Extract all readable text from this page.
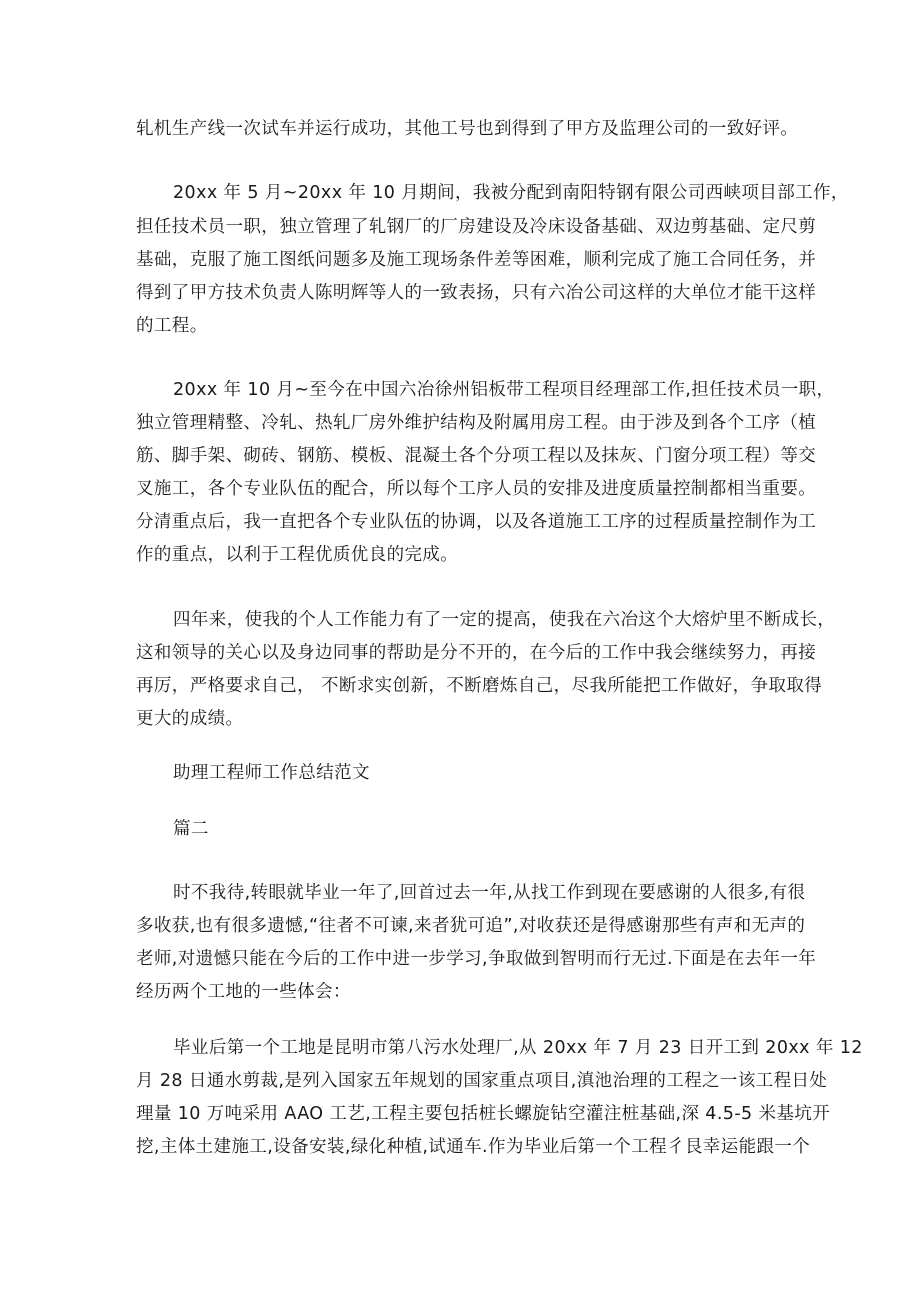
轧机生产线一次试车并运行成功，其他工号也到得到了甲方及监理公司的一致好评。
20xx 年 5 月~20xx 年 10 月期间，我被分配到南阳特钢有限公司西峡项目部工作，
担任技术员一职，独立管理了轧钢厂的厂房建设及冷床设备基础、双边剪基础、定尺剪
基础，克服了施工图纸问题多及施工现场条件差等困难，顺利完成了施工合同任务，并
得到了甲方技术负责人陈明辉等人的一致表扬，只有六冶公司这样的大单位才能干这样
的工程。
20xx 年 10 月~至今在中国六冶徐州铝板带工程项目经理部工作,担任技术员一职，
独立管理精整、冷轧、热轧厂房外维护结构及附属用房工程。由于涉及到各个工序（植
筋、脚手架、砌砖、钢筋、模板、混凝土各个分项工程以及抹灰、门窗分项工程）等交
叉施工，各个专业队伍的配合，所以每个工序人员的安排及进度质量控制都相当重要。
分清重点后，我一直把各个专业队伍的协调，以及各道施工工序的过程质量控制作为工
作的重点，以利于工程优质优良的完成。
四年来，使我的个人工作能力有了一定的提高，使我在六冶这个大熔炉里不断成长，
这和领导的关心以及身边同事的帮助是分不开的，在今后的工作中我会继续努力，再接
再厉，严格要求自己， 不断求实创新，不断磨炼自己，尽我所能把工作做好，争取取得
更大的成绩。
助理工程师工作总结范文
篇二
时不我待,转眼就毕业一年了,回首过去一年,从找工作到现在要感谢的人很多,有很
多收获,也有很多遗憾,“往者不可谏,来者犹可追”,对收获还是得感谢那些有声和无声的
老师,对遗憾只能在今后的工作中进一步学习,争取做到智明而行无过.下面是在去年一年
经历两个工地的一些体会：
毕业后第一个工地是昆明市第八污水处理厂,从 20xx 年 7 月 23 日开工到 20xx 年 12
月 28 日通水剪裁,是列入国家五年规划的国家重点项目,滇池治理的工程之一该工程日处
理量 10 万吨采用 AAO 工艺,工程主要包括桩长螺旋钻空灌注桩基础,深 4.5-5 米基坑开
挖,主体土建施工,设备安装,绿化种植,试通车.作为毕业后第一个工程彳艮幸运能跟一个
